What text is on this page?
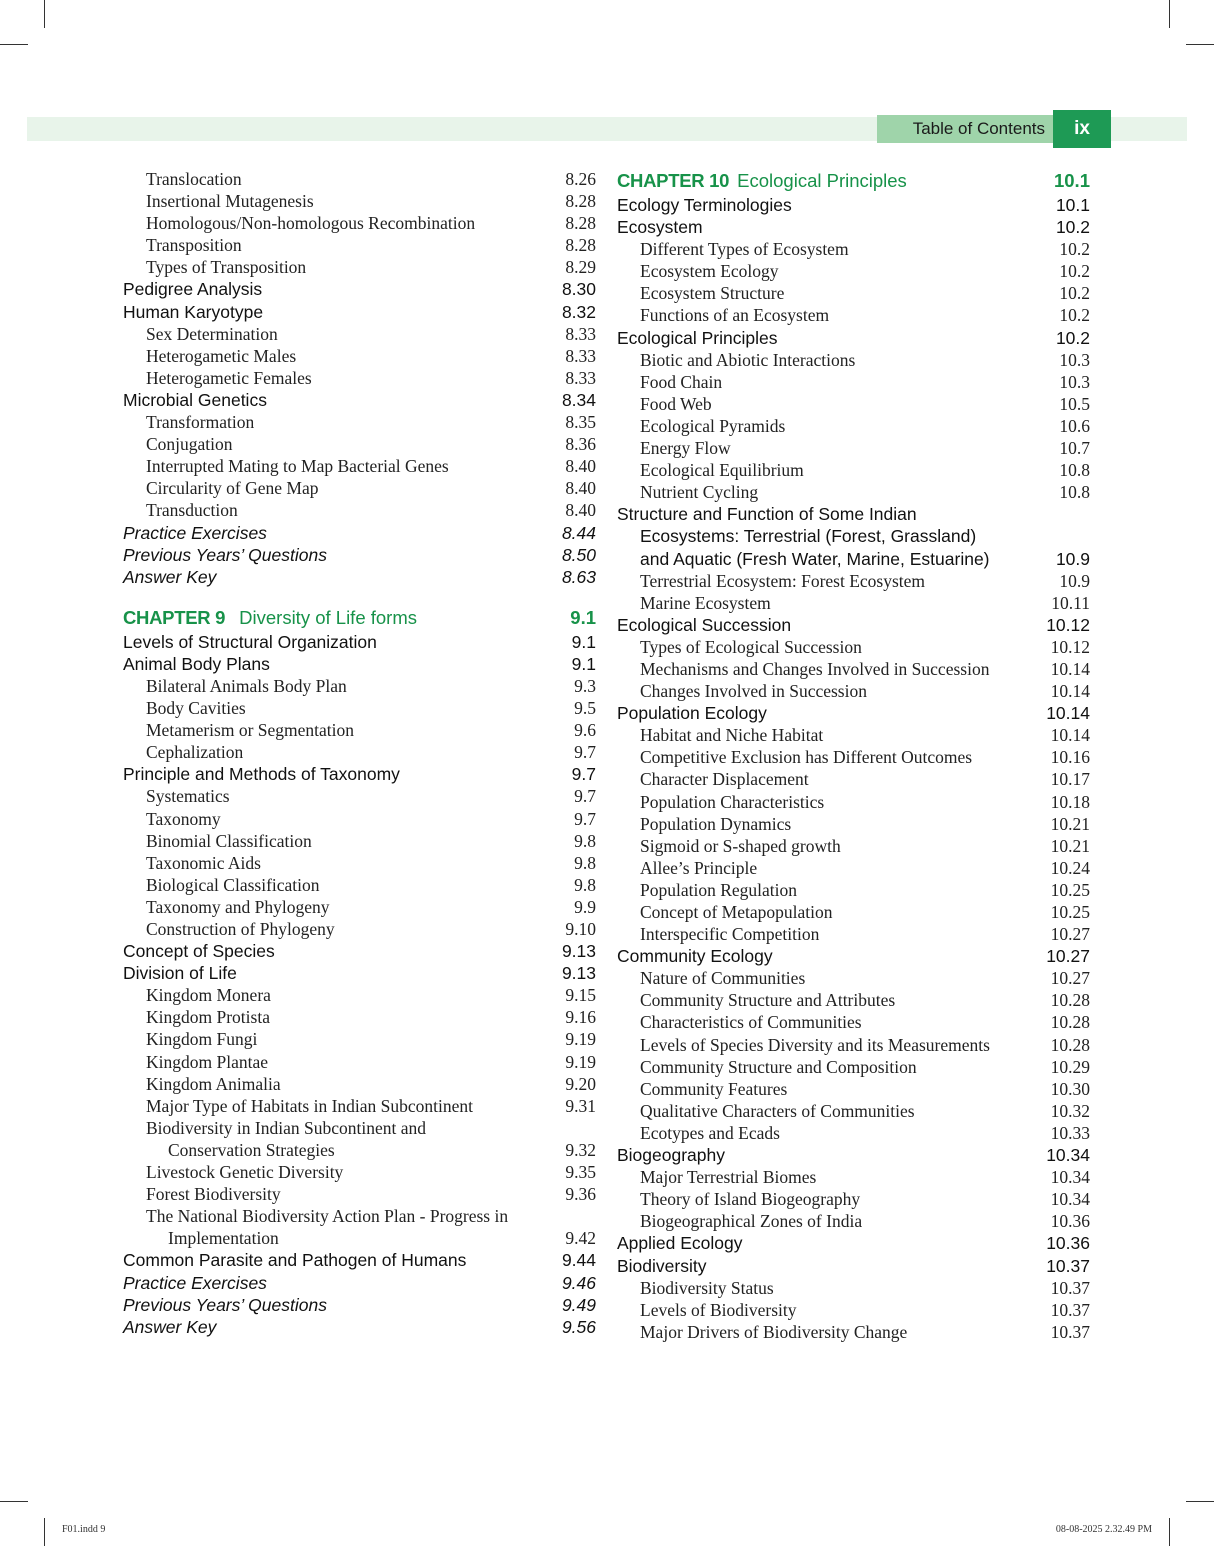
Table of Contents	ix
Translocation	8.26
Insertional Mutagenesis	8.28
Homologous/Non-homologous Recombination	8.28
Transposition	8.28
Types of Transposition	8.29
Pedigree Analysis	8.30
Human Karyotype	8.32
Sex Determination	8.33
Heterogametic Males	8.33
Heterogametic Females	8.33
Microbial Genetics	8.34
Transformation	8.35
Conjugation	8.36
Interrupted Mating to Map Bacterial Genes	8.40
Circularity of Gene Map	8.40
Transduction	8.40
Practice Exercises	8.44
Previous Years’ Questions	8.50
Answer Key	8.63
CHAPTER 9 Diversity of Life forms	9.1
Levels of Structural Organization	9.1
Animal Body Plans	9.1
Bilateral Animals Body Plan	9.3
Body Cavities	9.5
Metamerism or Segmentation	9.6
Cephalization	9.7
Principle and Methods of Taxonomy	9.7
Systematics	9.7
Taxonomy	9.7
Binomial Classification	9.8
Taxonomic Aids	9.8
Biological Classification	9.8
Taxonomy and Phylogeny	9.9
Construction of Phylogeny	9.10
Concept of Species	9.13
Division of Life	9.13
Kingdom Monera	9.15
Kingdom Protista	9.16
Kingdom Fungi	9.19
Kingdom Plantae	9.19
Kingdom Animalia	9.20
Major Type of Habitats in Indian Subcontinent	9.31
Biodiversity in Indian Subcontinent and
Conservation Strategies	9.32
Livestock Genetic Diversity	9.35
Forest Biodiversity	9.36
The National Biodiversity Action Plan - Progress in
Implementation	9.42
Common Parasite and Pathogen of Humans	9.44
Practice Exercises	9.46
Previous Years’ Questions	9.49
Answer Key	9.56
CHAPTER 10 Ecological Principles	10.1
Ecology Terminologies	10.1
Ecosystem	10.2
Different Types of Ecosystem	10.2
Ecosystem Ecology	10.2
Ecosystem Structure	10.2
Functions of an Ecosystem	10.2
Ecological Principles	10.2
Biotic and Abiotic Interactions	10.3
Food Chain	10.3
Food Web	10.5
Ecological Pyramids	10.6
Energy Flow	10.7
Ecological Equilibrium	10.8
Nutrient Cycling	10.8
Structure and Function of Some Indian
Ecosystems: Terrestrial (Forest, Grassland)
and Aquatic (Fresh Water, Marine, Estuarine)	10.9
Terrestrial Ecosystem: Forest Ecosystem	10.9
Marine Ecosystem	10.11
Ecological Succession	10.12
Types of Ecological Succession	10.12
Mechanisms and Changes Involved in Succession	10.14
Changes Involved in Succession	10.14
Population Ecology	10.14
Habitat and Niche Habitat	10.14
Competitive Exclusion has Different Outcomes	10.16
Character Displacement	10.17
Population Characteristics	10.18
Population Dynamics	10.21
Sigmoid or S-shaped growth	10.21
Allee’s Principle	10.24
Population Regulation	10.25
Concept of Metapopulation	10.25
Interspecific Competition	10.27
Community Ecology	10.27
Nature of Communities	10.27
Community Structure and Attributes	10.28
Characteristics of Communities	10.28
Levels of Species Diversity and its Measurements	10.28
Community Structure and Composition	10.29
Community Features	10.30
Qualitative Characters of Communities	10.32
Ecotypes and Ecads	10.33
Biogeography	10.34
Major Terrestrial Biomes	10.34
Theory of Island Biogeography	10.34
Biogeographical Zones of India	10.36
Applied Ecology	10.36
Biodiversity	10.37
Biodiversity Status	10.37
Levels of Biodiversity	10.37
Major Drivers of Biodiversity Change	10.37
F01.indd 9	08-08-2025 2.32.49 PM
